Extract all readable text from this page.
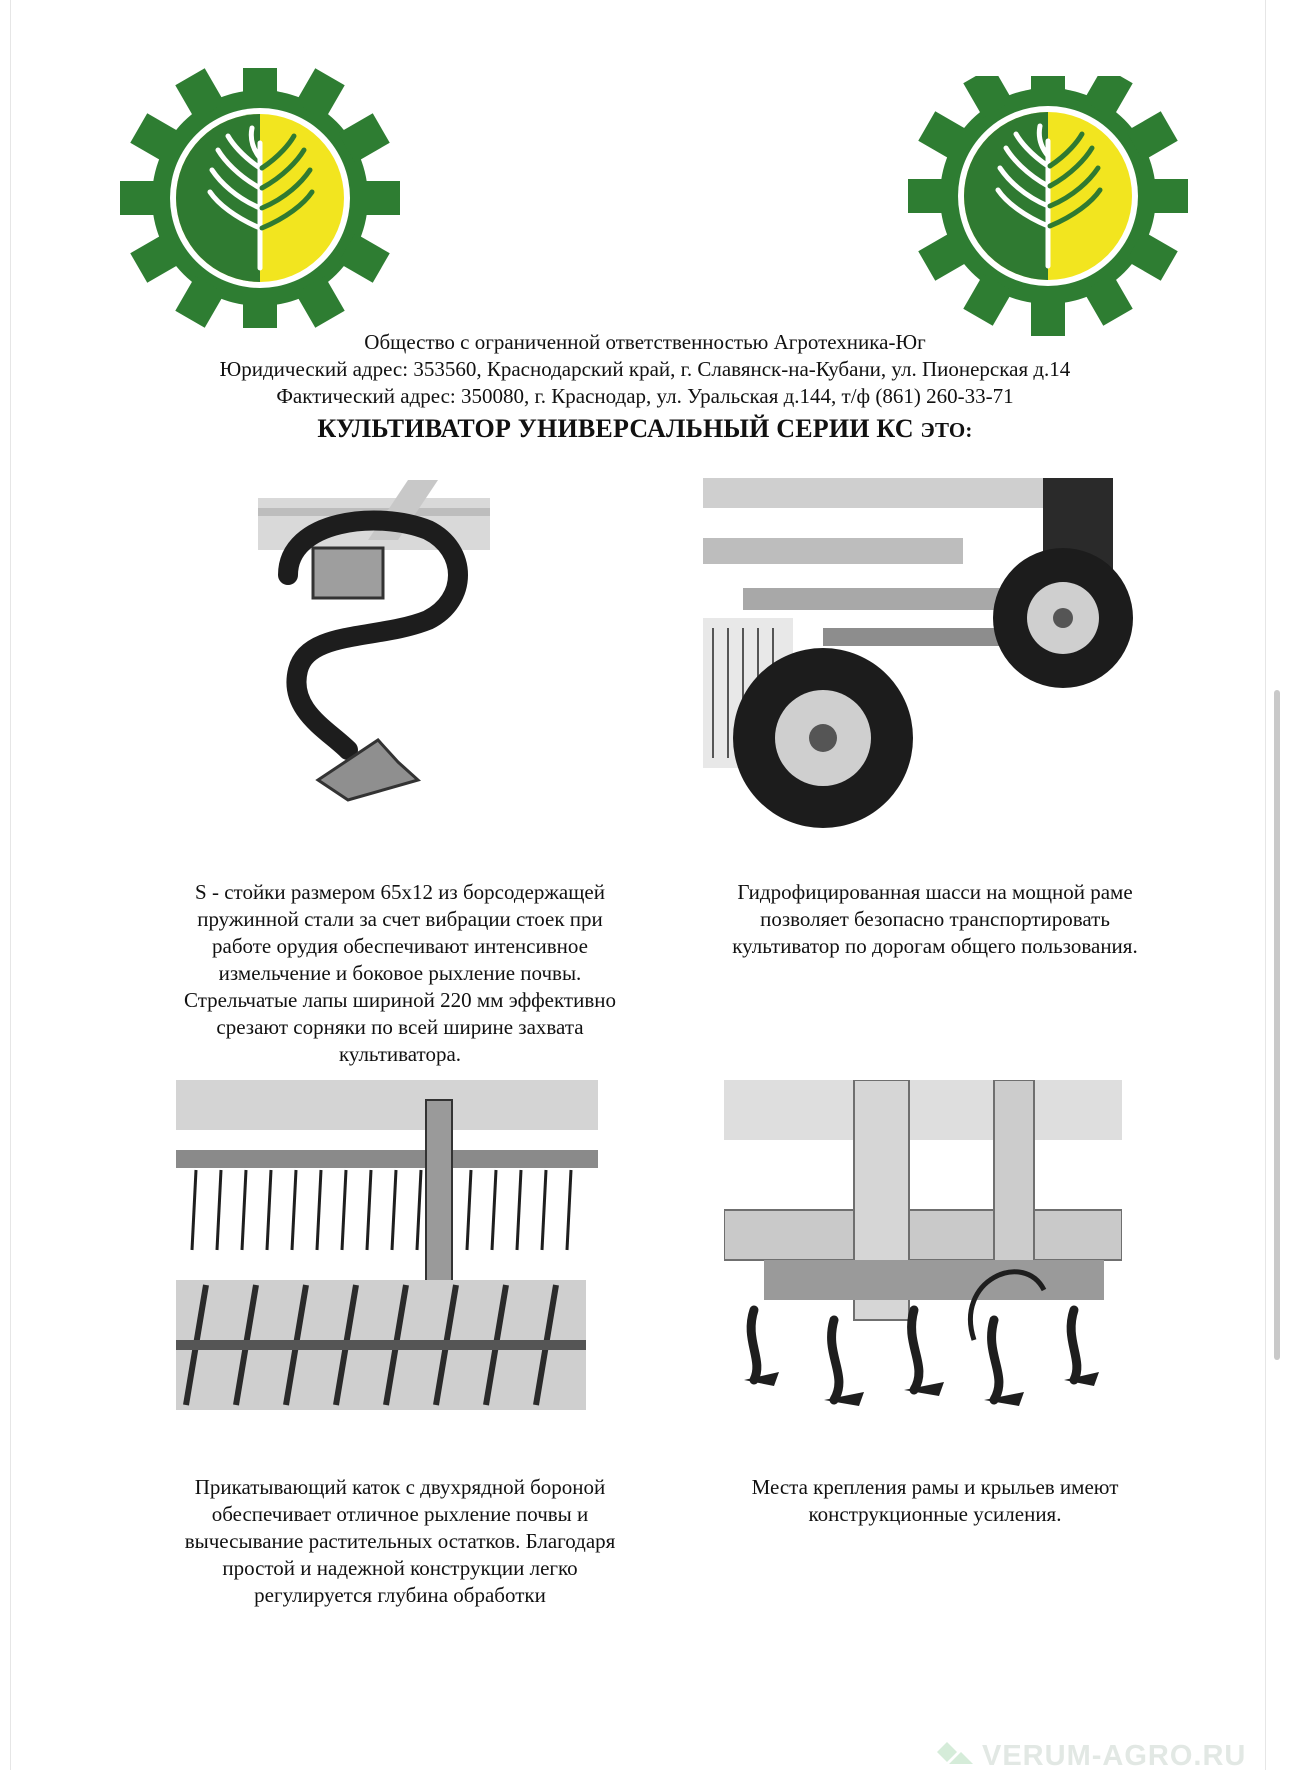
Общество с ограниченной ответственностью Агротехника-Юг
Юридический адрес: 353560, Краснодарский край, г. Славянск-на-Кубани, ул. Пионерская д.14
Фактический адрес: 350080, г. Краснодар, ул. Уральская д.144, т/ф (861) 260-33-71
КУЛЬТИВАТОР УНИВЕРСАЛЬНЫЙ СЕРИИ КС ЭТО:
S - стойки размером 65х12 из борсодержащей
пружинной стали за счет вибрации стоек при
работе орудия обеспечивают интенсивное
измельчение и боковое рыхление почвы.
Стрельчатые лапы шириной 220 мм эффективно
срезают сорняки по всей ширине захвата
культиватора.
Гидрофицированная шасси на мощной раме
позволяет безопасно транспортировать
культиватор по дорогам общего пользования.
Прикатывающий каток с двухрядной бороной
обеспечивает отличное рыхление почвы и
вычесывание растительных остатков. Благодаря
простой и надежной конструкции легко
регулируется глубина обработки
Места крепления рамы и крыльев имеют
конструкционные усиления.
VERUM-AGRO.RU
